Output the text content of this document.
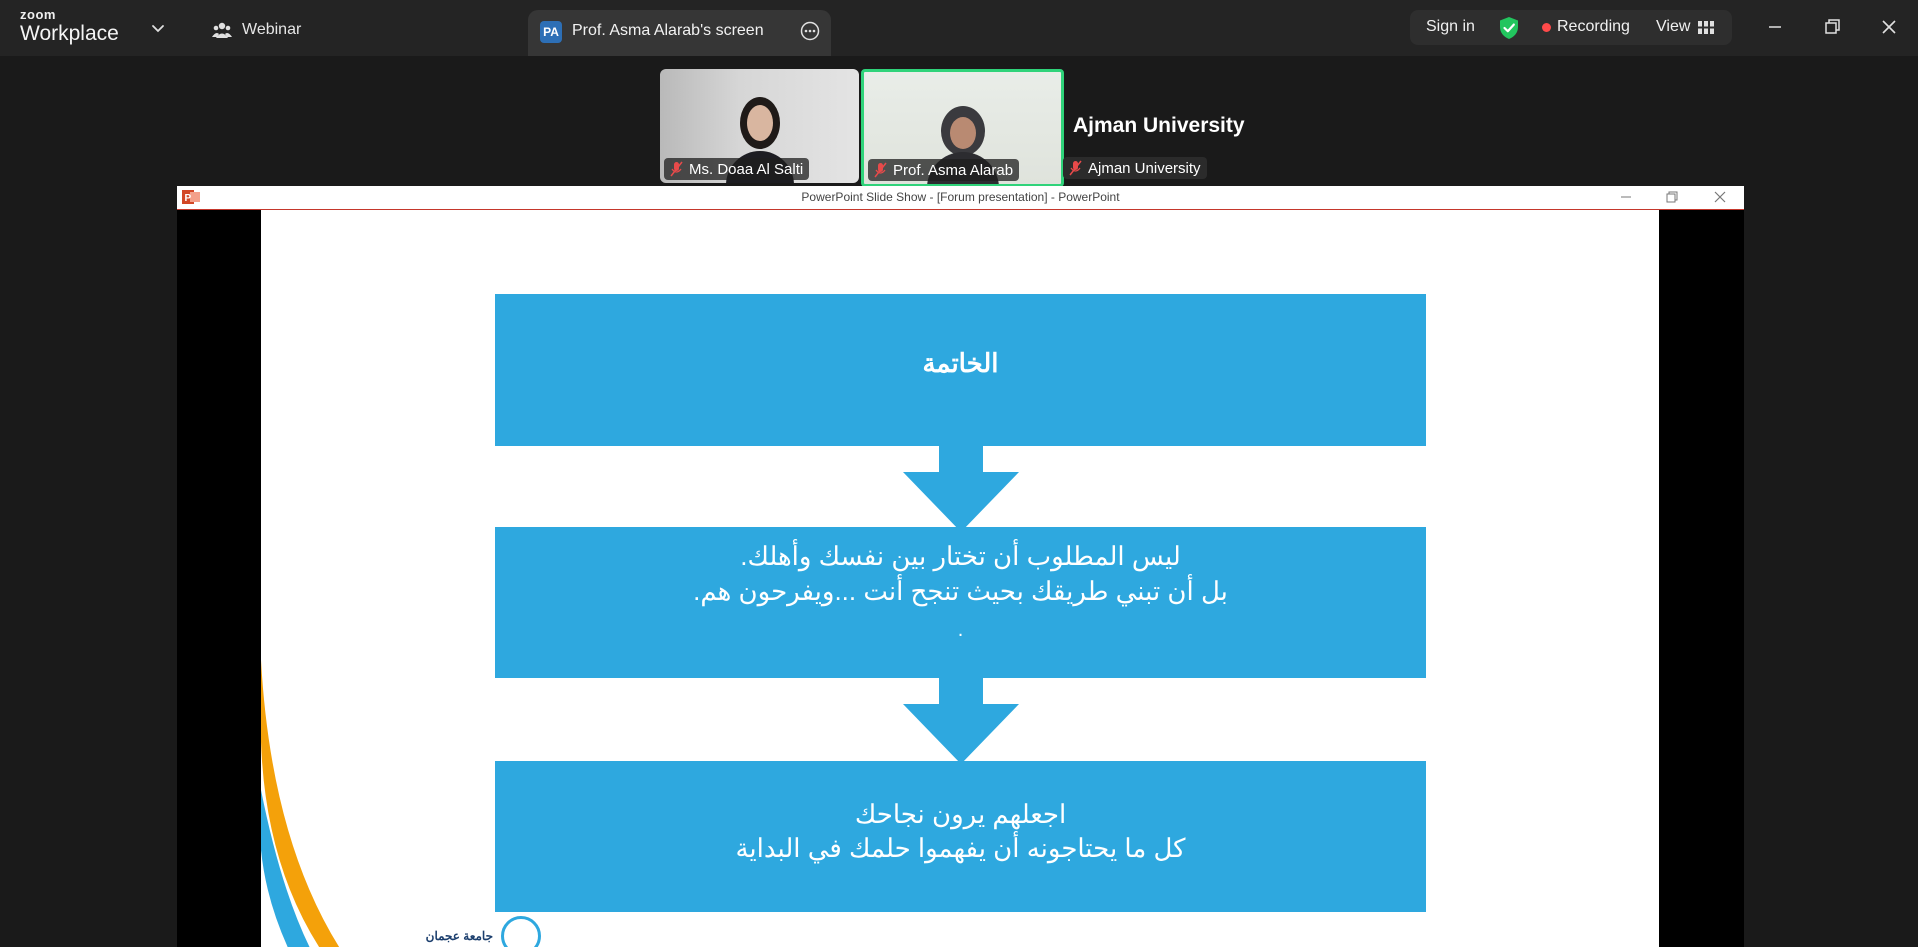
zoom
Workplace	Webinar	PA Prof. Asma Alarab's screen	Sign in	Recording View
Ms. Doaa Al Salti	Prof. Asma Alarab
Ajman University
Ajman University
P	PowerPoint Slide Show - [Forum presentation] - PowerPoint
الخاتمة
ليس المطلوب أن تختار بين نفسك وأهلك.
بل أن تبني طريقك بحيث تنجح أنت ...ويفرحون هم.
.
اجعلهم يرون نجاحك
كل ما يحتاجونه أن يفهموا حلمك في البداية
جامعة عجمان
